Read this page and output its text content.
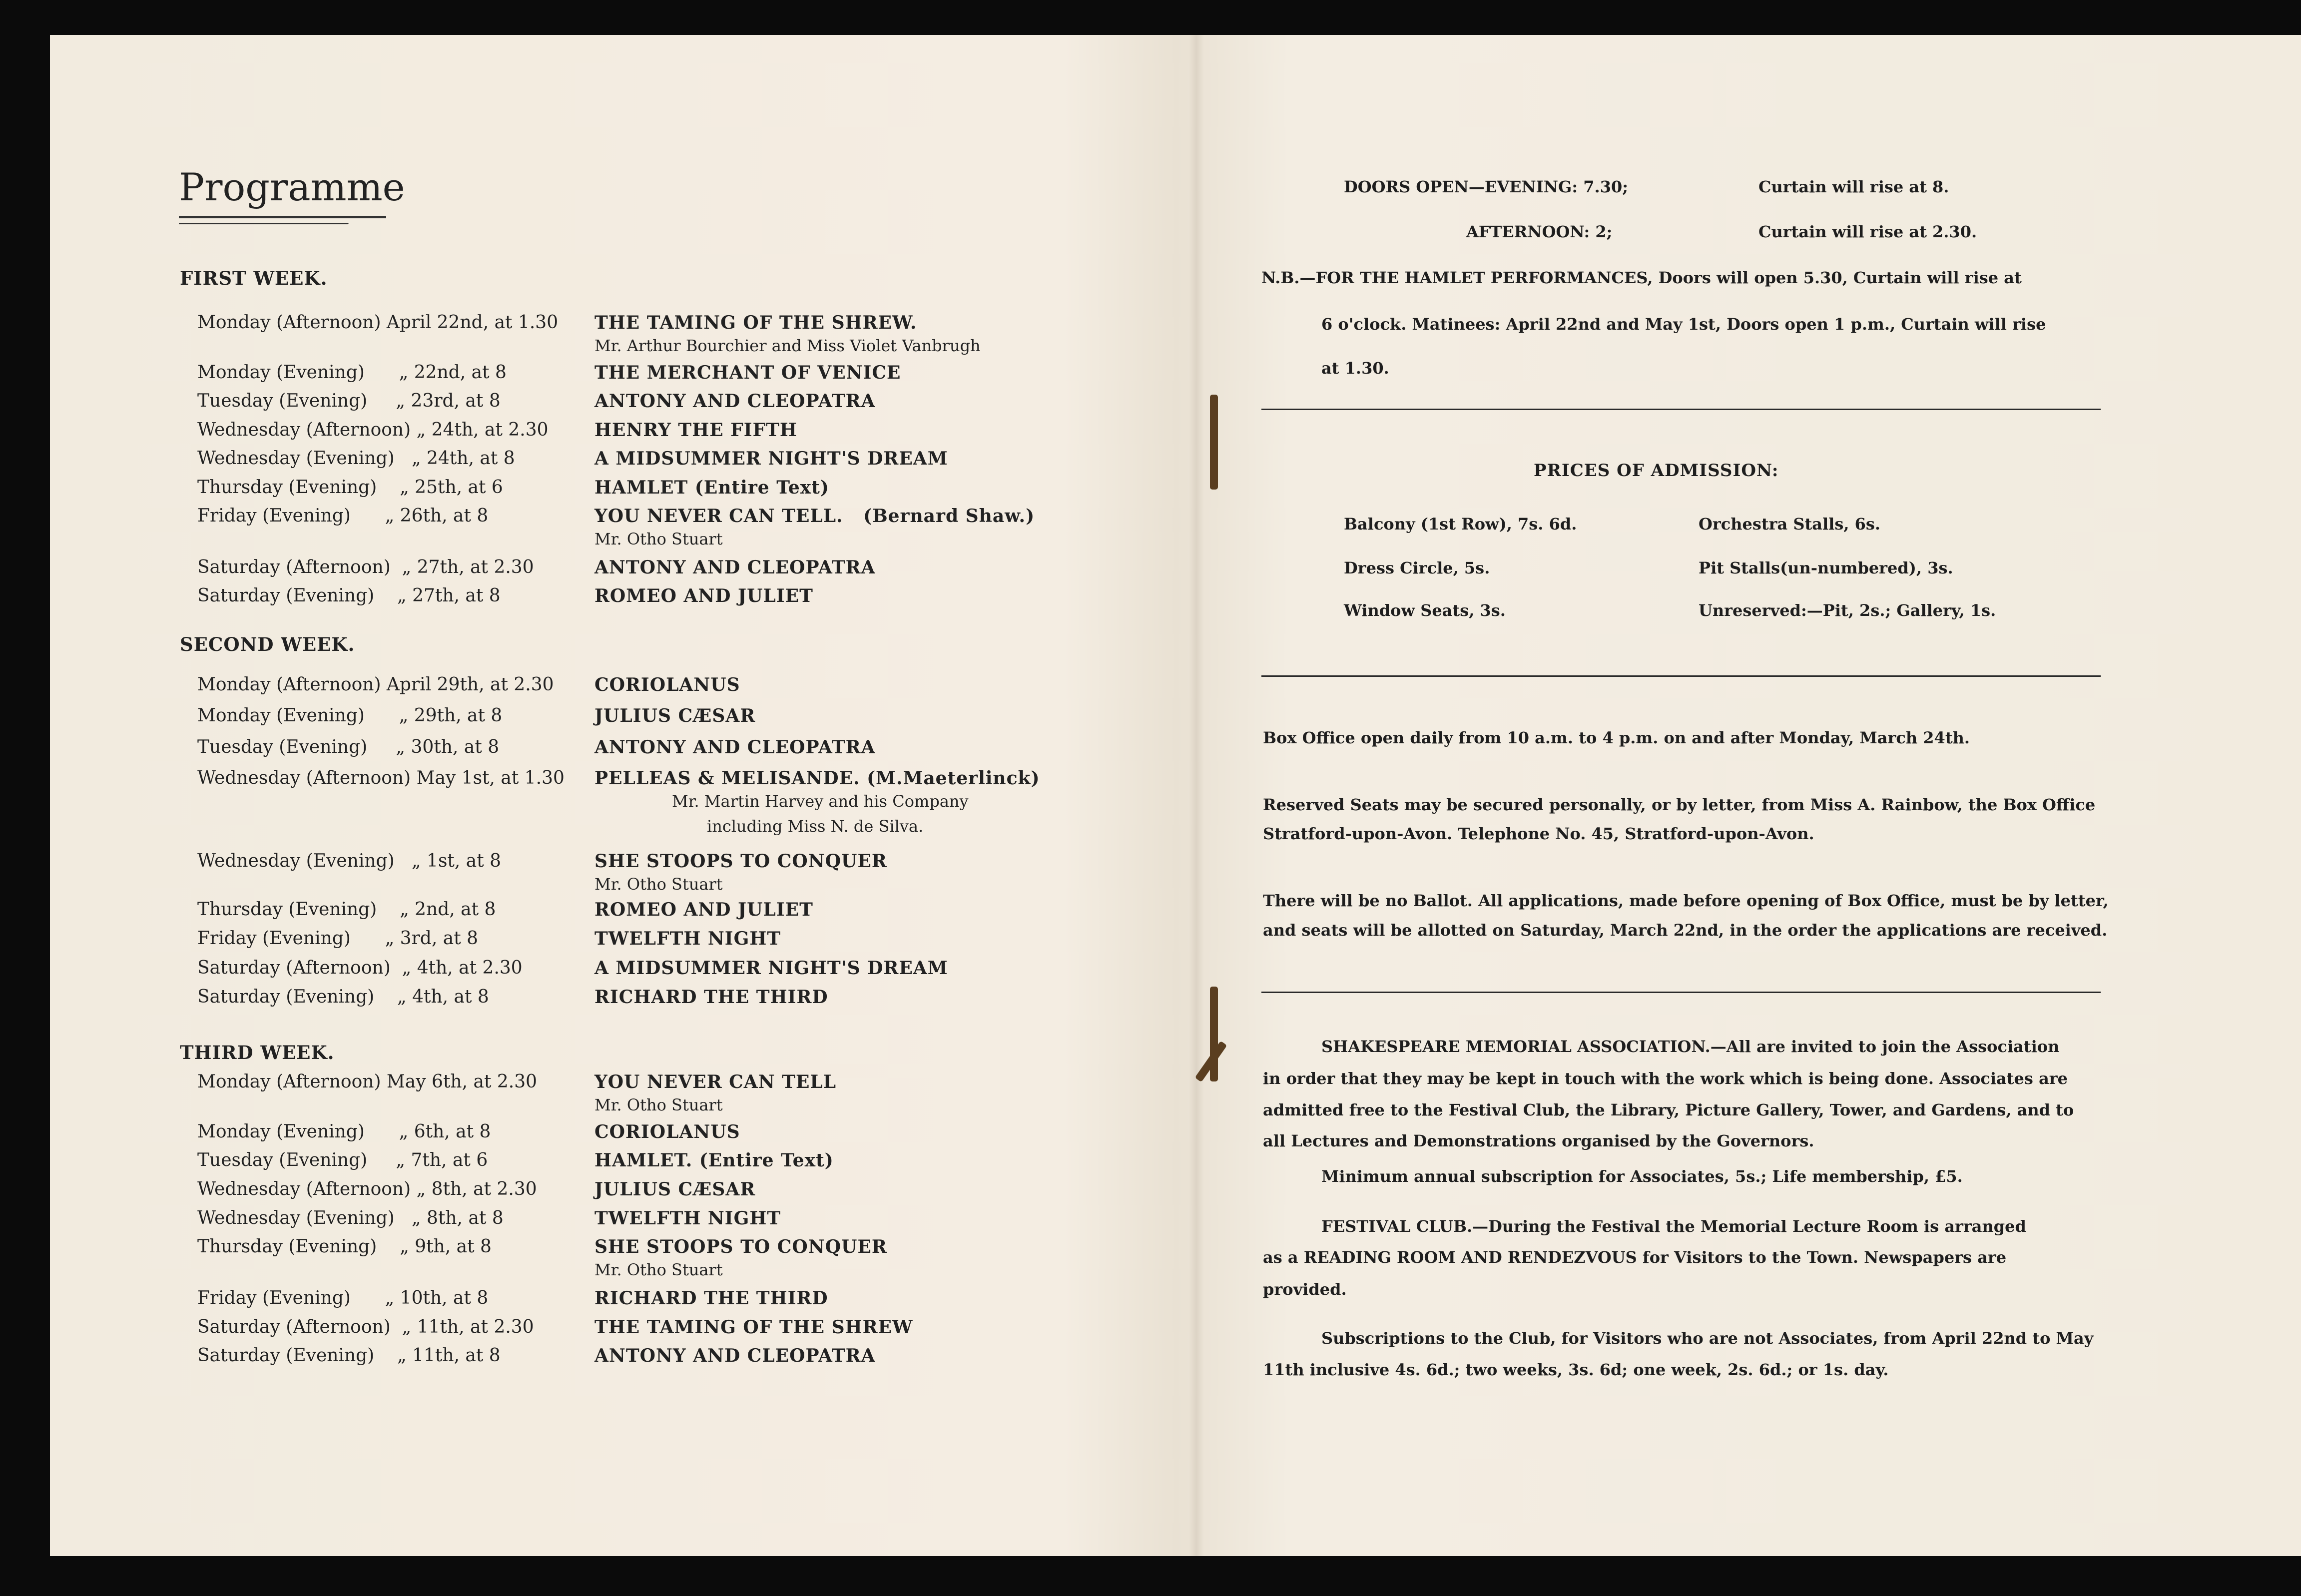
Programme
FIRST WEEK.
Monday (Afternoon) April 22nd, at 1.30 THE TAMING OF THE SHREW.
Mr. Arthur Bourchier and Miss Violet Vanbrugh
Monday (Evening)      „ 22nd, at 8	THE MERCHANT OF VENICE
Tuesday (Evening)     „ 23rd, at 8	ANTONY AND CLEOPATRA
Wednesday (Afternoon) „ 24th, at 2.30	HENRY THE FIFTH
Wednesday (Evening)   „ 24th, at 8	A MIDSUMMER NIGHT'S DREAM
Thursday (Evening)    „ 25th, at 6	HAMLET (Entire Text)
Friday (Evening)      „ 26th, at 8	YOU NEVER CAN TELL.   (Bernard Shaw.)
Mr. Otho Stuart
Saturday (Afternoon)  „ 27th, at 2.30	ANTONY AND CLEOPATRA
Saturday (Evening)    „ 27th, at 8	ROMEO AND JULIET
SECOND WEEK.
Monday (Afternoon) April 29th, at 2.30 CORIOLANUS
Monday (Evening)      „ 29th, at 8	JULIUS CÆSAR
Tuesday (Evening)     „ 30th, at 8	ANTONY AND CLEOPATRA
Wednesday (Afternoon) May 1st, at 1.30 PELLEAS & MELISANDE. (M.Maeterlinck)
Mr. Martin Harvey and his Company
including Miss N. de Silva.
Wednesday (Evening)   „ 1st, at 8	SHE STOOPS TO CONQUER
Mr. Otho Stuart
Thursday (Evening)    „ 2nd, at 8	ROMEO AND JULIET
Friday (Evening)      „ 3rd, at 8	TWELFTH NIGHT
Saturday (Afternoon)  „ 4th, at 2.30	A MIDSUMMER NIGHT'S DREAM
Saturday (Evening)    „ 4th, at 8	RICHARD THE THIRD
THIRD WEEK.
Monday (Afternoon) May 6th, at 2.30	YOU NEVER CAN TELL
Mr. Otho Stuart
Monday (Evening)      „ 6th, at 8	CORIOLANUS
Tuesday (Evening)     „ 7th, at 6	HAMLET. (Entire Text)
Wednesday (Afternoon) „ 8th, at 2.30	JULIUS CÆSAR
Wednesday (Evening)   „ 8th, at 8	TWELFTH NIGHT
Thursday (Evening)    „ 9th, at 8	SHE STOOPS TO CONQUER
Mr. Otho Stuart
Friday (Evening)      „ 10th, at 8	RICHARD THE THIRD
Saturday (Afternoon)  „ 11th, at 2.30	THE TAMING OF THE SHREW
Saturday (Evening)    „ 11th, at 8	ANTONY AND CLEOPATRA
DOORS OPEN—EVENING: 7.30;	Curtain will rise at 8.
AFTERNOON: 2;	Curtain will rise at 2.30.
N.B.—FOR THE HAMLET PERFORMANCES, Doors will open 5.30, Curtain will rise at
6 o'clock. Matinees: April 22nd and May 1st, Doors open 1 p.m., Curtain will rise
at 1.30.
PRICES OF ADMISSION:
Balcony (1st Row), 7s. 6d.	Orchestra Stalls, 6s.
Dress Circle, 5s.	Pit Stalls(un-numbered), 3s.
Window Seats, 3s.	Unreserved:—Pit, 2s.; Gallery, 1s.
Box Office open daily from 10 a.m. to 4 p.m. on and after Monday, March 24th.
Reserved Seats may be secured personally, or by letter, from Miss A. Rainbow, the Box Office
Stratford-upon-Avon. Telephone No. 45, Stratford-upon-Avon.
There will be no Ballot. All applications, made before opening of Box Office, must be by letter,
and seats will be allotted on Saturday, March 22nd, in the order the applications are received.
SHAKESPEARE MEMORIAL ASSOCIATION.—All are invited to join the Association
in order that they may be kept in touch with the work which is being done. Associates are
admitted free to the Festival Club, the Library, Picture Gallery, Tower, and Gardens, and to
all Lectures and Demonstrations organised by the Governors.
Minimum annual subscription for Associates, 5s.; Life membership, £5.
FESTIVAL CLUB.—During the Festival the Memorial Lecture Room is arranged
as a READING ROOM AND RENDEZVOUS for Visitors to the Town. Newspapers are
provided.
Subscriptions to the Club, for Visitors who are not Associates, from April 22nd to May
11th inclusive 4s. 6d.; two weeks, 3s. 6d; one week, 2s. 6d.; or 1s. day.
